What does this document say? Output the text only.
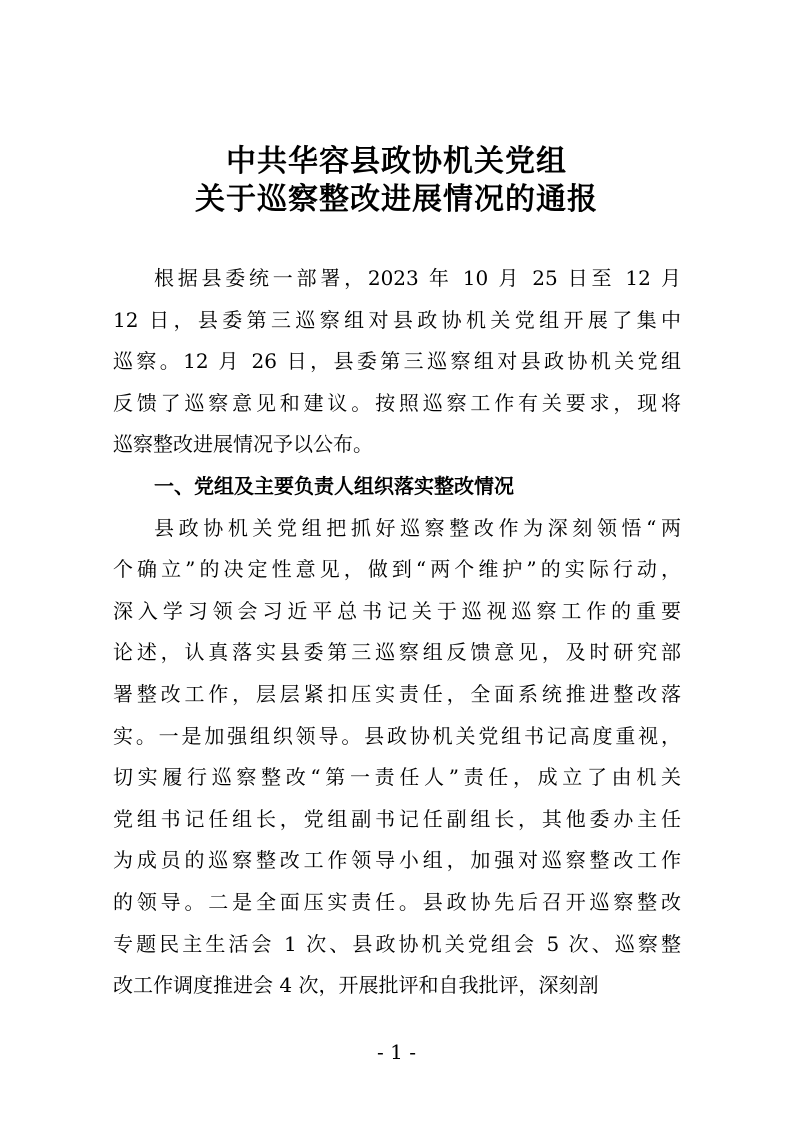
中共华容县政协机关党组
关于巡察整改进展情况的通报
根据县委统一部署，2023 年 10 月 25 日至 12 月
12 日，县委第三巡察组对县政协机关党组开展了集中
巡察。12 月 26 日，县委第三巡察组对县政协机关党组
反馈了巡察意见和建议。按照巡察工作有关要求，现将
巡察整改进展情况予以公布。
一、党组及主要负责人组织落实整改情况
县政协机关党组把抓好巡察整改作为深刻领悟“两
个确立”的决定性意见，做到“两个维护”的实际行动，
深入学习领会习近平总书记关于巡视巡察工作的重要
论述，认真落实县委第三巡察组反馈意见，及时研究部
署整改工作，层层紧扣压实责任，全面系统推进整改落
实。一是加强组织领导。县政协机关党组书记高度重视，
切实履行巡察整改“第一责任人”责任，成立了由机关
党组书记任组长，党组副书记任副组长，其他委办主任
为成员的巡察整改工作领导小组，加强对巡察整改工作
的领导。二是全面压实责任。县政协先后召开巡察整改
专题民主生活会 1 次、县政协机关党组会 5 次、巡察整
改工作调度推进会 4 次，开展批评和自我批评，深刻剖
- 1 -
